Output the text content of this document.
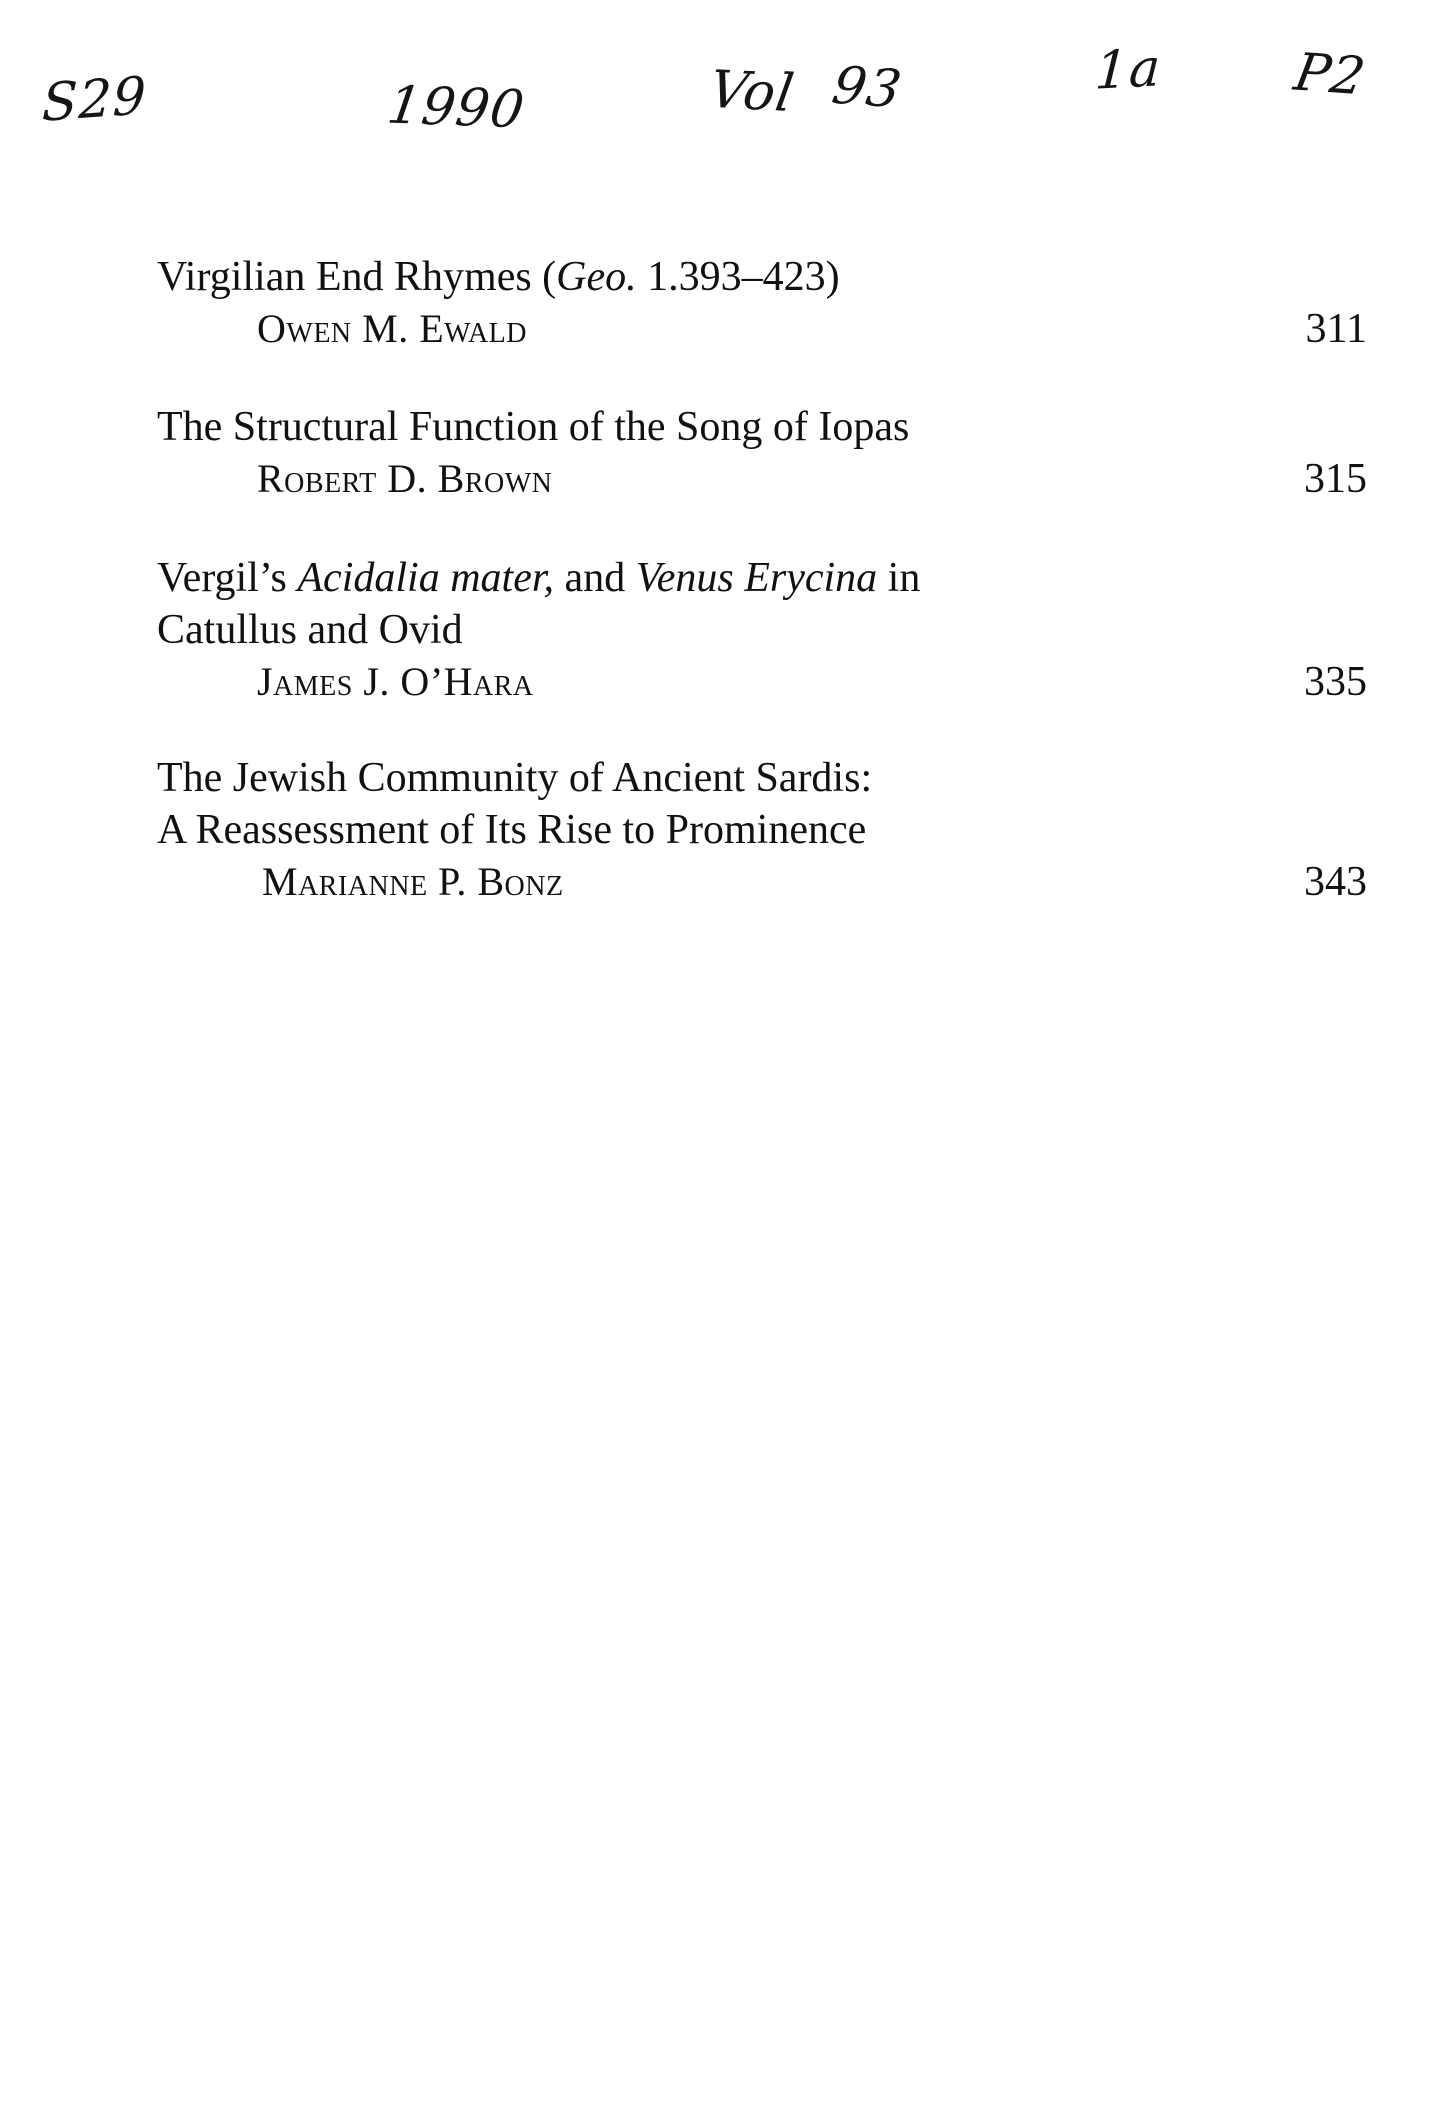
S29	1990	Vol 93	1a P2
Virgilian End Rhymes (Geo. 1.393–423)
Owen M. Ewald	311
The Structural Function of the Song of Iopas
Robert D. Brown	315
Vergil’s Acidalia mater, and Venus Erycina in
Catullus and Ovid
James J. O’Hara	335
The Jewish Community of Ancient Sardis:
A Reassessment of Its Rise to Prominence
Marianne P. Bonz	343
